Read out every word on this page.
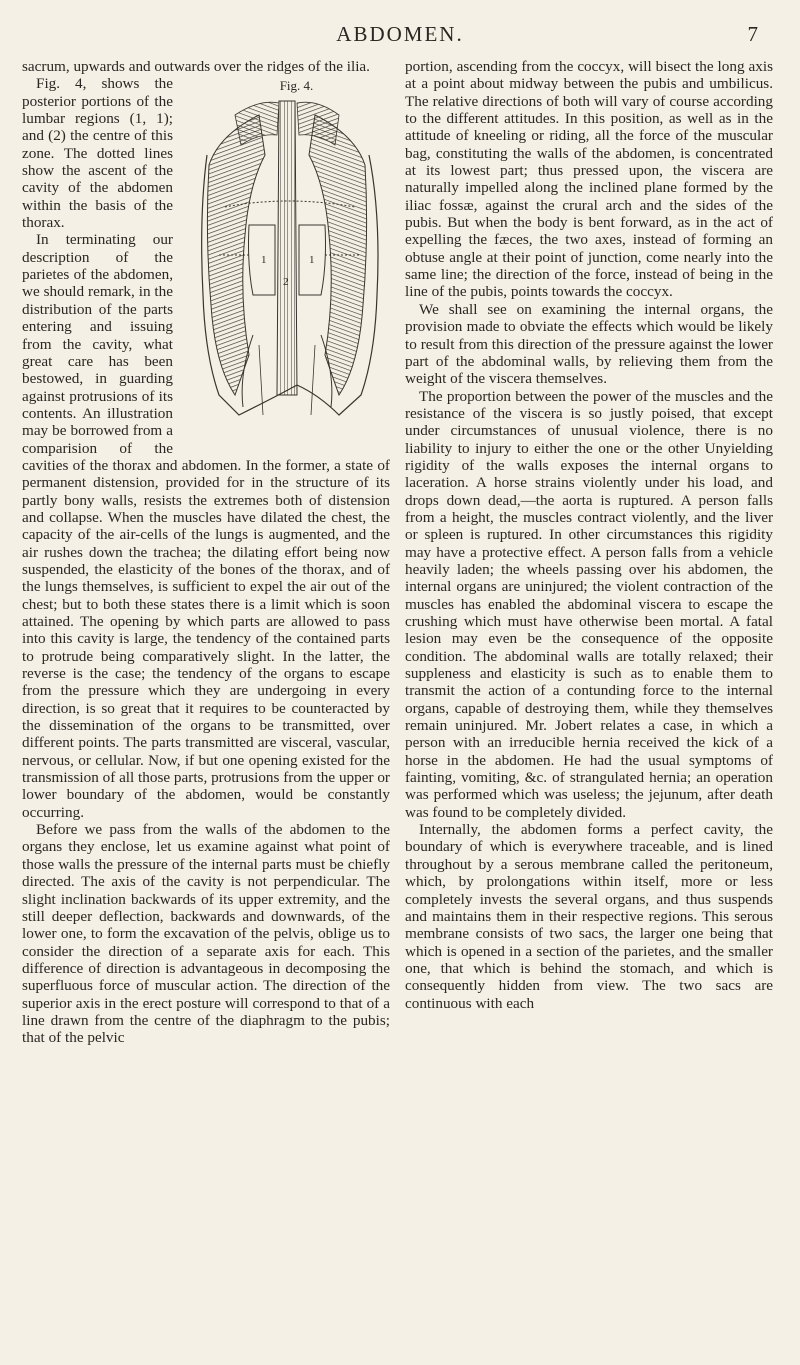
ABDOMEN.	7

sacrum, upwards and outwards over the ridges of the ilia.

Fig. 4.
1	1
2

Fig. 4, shows the posterior portions of the lumbar regions (1, 1); and (2) the centre of this zone. The dotted lines show the ascent of the cavity of the abdomen within the basis of the thorax.

In terminating our description of the parietes of the abdomen, we should remark, in the distribution of the parts entering and issuing from the cavity, what great care has been bestowed, in guarding against protrusions of its contents. An illustration may be borrowed from a comparision of the cavities of the thorax and abdomen. In the former, a state of permanent distension, provided for in the structure of its partly bony walls, resists the extremes both of distension and collapse. When the muscles have dilated the chest, the capacity of the air-cells of the lungs is augmented, and the air rushes down the trachea; the dilating effort being now suspended, the elasticity of the bones of the thorax, and of the lungs themselves, is sufficient to expel the air out of the chest; but to both these states there is a limit which is soon attained. The opening by which parts are allowed to pass into this cavity is large, the tendency of the contained parts to protrude being comparatively slight. In the latter, the reverse is the case; the tendency of the organs to escape from the pressure which they are undergoing in every direction, is so great that it requires to be counteracted by the dissemination of the organs to be transmitted, over different points. The parts transmitted are visceral, vascular, nervous, or cellular. Now, if but one opening existed for the transmission of all those parts, protrusions from the upper or lower boundary of the abdomen, would be constantly occurring.

Before we pass from the walls of the abdomen to the organs they enclose, let us examine against what point of those walls the pressure of the internal parts must be chiefly directed. The axis of the cavity is not perpendicular. The slight inclination backwards of its upper extremity, and the still deeper deflection, backwards and downwards, of the lower one, to form the excavation of the pelvis, oblige us to consider the direction of a separate axis for each. This difference of direction is advantageous in decomposing the superfluous force of muscular action. The direction of the superior axis in the erect posture will correspond to that of a line drawn from the centre of the diaphragm to the pubis; that of the pelvic

portion, ascending from the coccyx, will bisect the long axis at a point about midway between the pubis and umbilicus. The relative directions of both will vary of course according to the different attitudes. In this position, as well as in the attitude of kneeling or riding, all the force of the muscular bag, constituting the walls of the abdomen, is concentrated at its lowest part; thus pressed upon, the viscera are naturally impelled along the inclined plane formed by the iliac fossæ, against the crural arch and the sides of the pubis. But when the body is bent forward, as in the act of expelling the fæces, the two axes, instead of forming an obtuse angle at their point of junction, come nearly into the same line; the direction of the force, instead of being in the line of the pubis, points towards the coccyx.

We shall see on examining the internal organs, the provision made to obviate the effects which would be likely to result from this direction of the pressure against the lower part of the abdominal walls, by relieving them from the weight of the viscera themselves.

The proportion between the power of the muscles and the resistance of the viscera is so justly poised, that except under circumstances of unusual violence, there is no liability to injury to either the one or the other Unyielding rigidity of the walls exposes the internal organs to laceration. A horse strains violently under his load, and drops down dead,—the aorta is ruptured. A person falls from a height, the muscles contract violently, and the liver or spleen is ruptured. In other circumstances this rigidity may have a protective effect. A person falls from a vehicle heavily laden; the wheels passing over his abdomen, the internal organs are uninjured; the violent contraction of the muscles has enabled the abdominal viscera to escape the crushing which must have otherwise been mortal. A fatal lesion may even be the consequence of the opposite condition. The abdominal walls are totally relaxed; their suppleness and elasticity is such as to enable them to transmit the action of a contunding force to the internal organs, capable of destroying them, while they themselves remain uninjured. Mr. Jobert relates a case, in which a person with an irreducible hernia received the kick of a horse in the abdomen. He had the usual symptoms of fainting, vomiting, &c. of strangulated hernia; an operation was performed which was useless; the jejunum, after death was found to be completely divided.

Internally, the abdomen forms a perfect cavity, the boundary of which is everywhere traceable, and is lined throughout by a serous membrane called the peritoneum, which, by prolongations within itself, more or less completely invests the several organs, and thus suspends and maintains them in their respective regions. This serous membrane consists of two sacs, the larger one being that which is opened in a section of the parietes, and the smaller one, that which is behind the stomach, and which is consequently hidden from view. The two sacs are continuous with each
